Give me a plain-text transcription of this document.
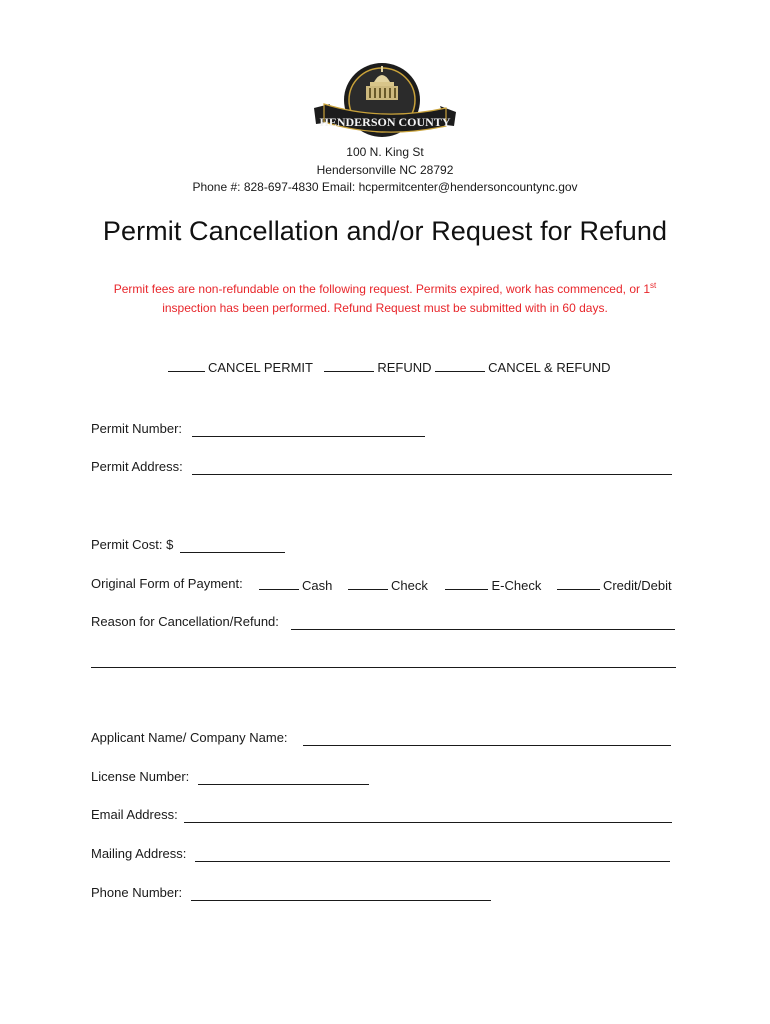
HENDERSON COUNTY
100 N. King St
Hendersonville NC 28792
Phone #: 828-697-4830 Email: hcpermitcenter@hendersoncountync.gov
Permit Cancellation and/or Request for Refund
Permit fees are non-refundable on the following request. Permits expired, work has commenced, or 1st
inspection has been performed. Refund Request must be submitted with in 60 days.
CANCEL PERMIT	REFUND	CANCEL & REFUND
Permit Number:
Permit Address:
Permit Cost: $
Original Form of Payment:	Cash	Check	E-Check	Credit/Debit
Reason for Cancellation/Refund:
Applicant Name/ Company Name:
License Number:
Email Address:
Mailing Address:
Phone Number:
